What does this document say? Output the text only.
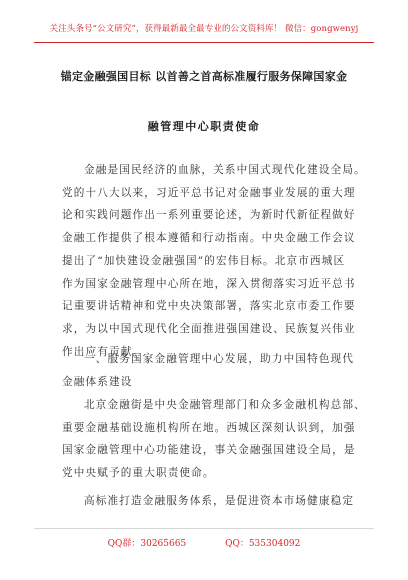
关注头条号“公文研究”，获得最新最全最专业的公文资料库！ 微信：gongwenyj
锚定金融强国目标 以首善之首高标准履行服务保障国家金
融管理中心职责使命
金融是国民经济的血脉，关系中国式现代化建设全局。
党的十八大以来，习近平总书记对金融事业发展的重大理
论和实践问题作出一系列重要论述，为新时代新征程做好
金融工作提供了根本遵循和行动指南。中央金融工作会议
提出了“加快建设金融强国”的宏伟目标。北京市西城区
作为国家金融管理中心所在地，深入贯彻落实习近平总书
记重要讲话精神和党中央决策部署，落实北京市委工作要
求，为以中国式现代化全面推进强国建设、民族复兴伟业
作出应有贡献。
一、服务国家金融管理中心发展，助力中国特色现代
金融体系建设
北京金融街是中央金融管理部门和众多金融机构总部、
重要金融基础设施机构所在地。西城区深刻认识到，加强
国家金融管理中心功能建设，事关金融强国建设全局，是
党中央赋予的重大职责使命。
高标准打造金融服务体系，是促进资本市场健康稳定
QQ群：30265665	QQ：535304092
